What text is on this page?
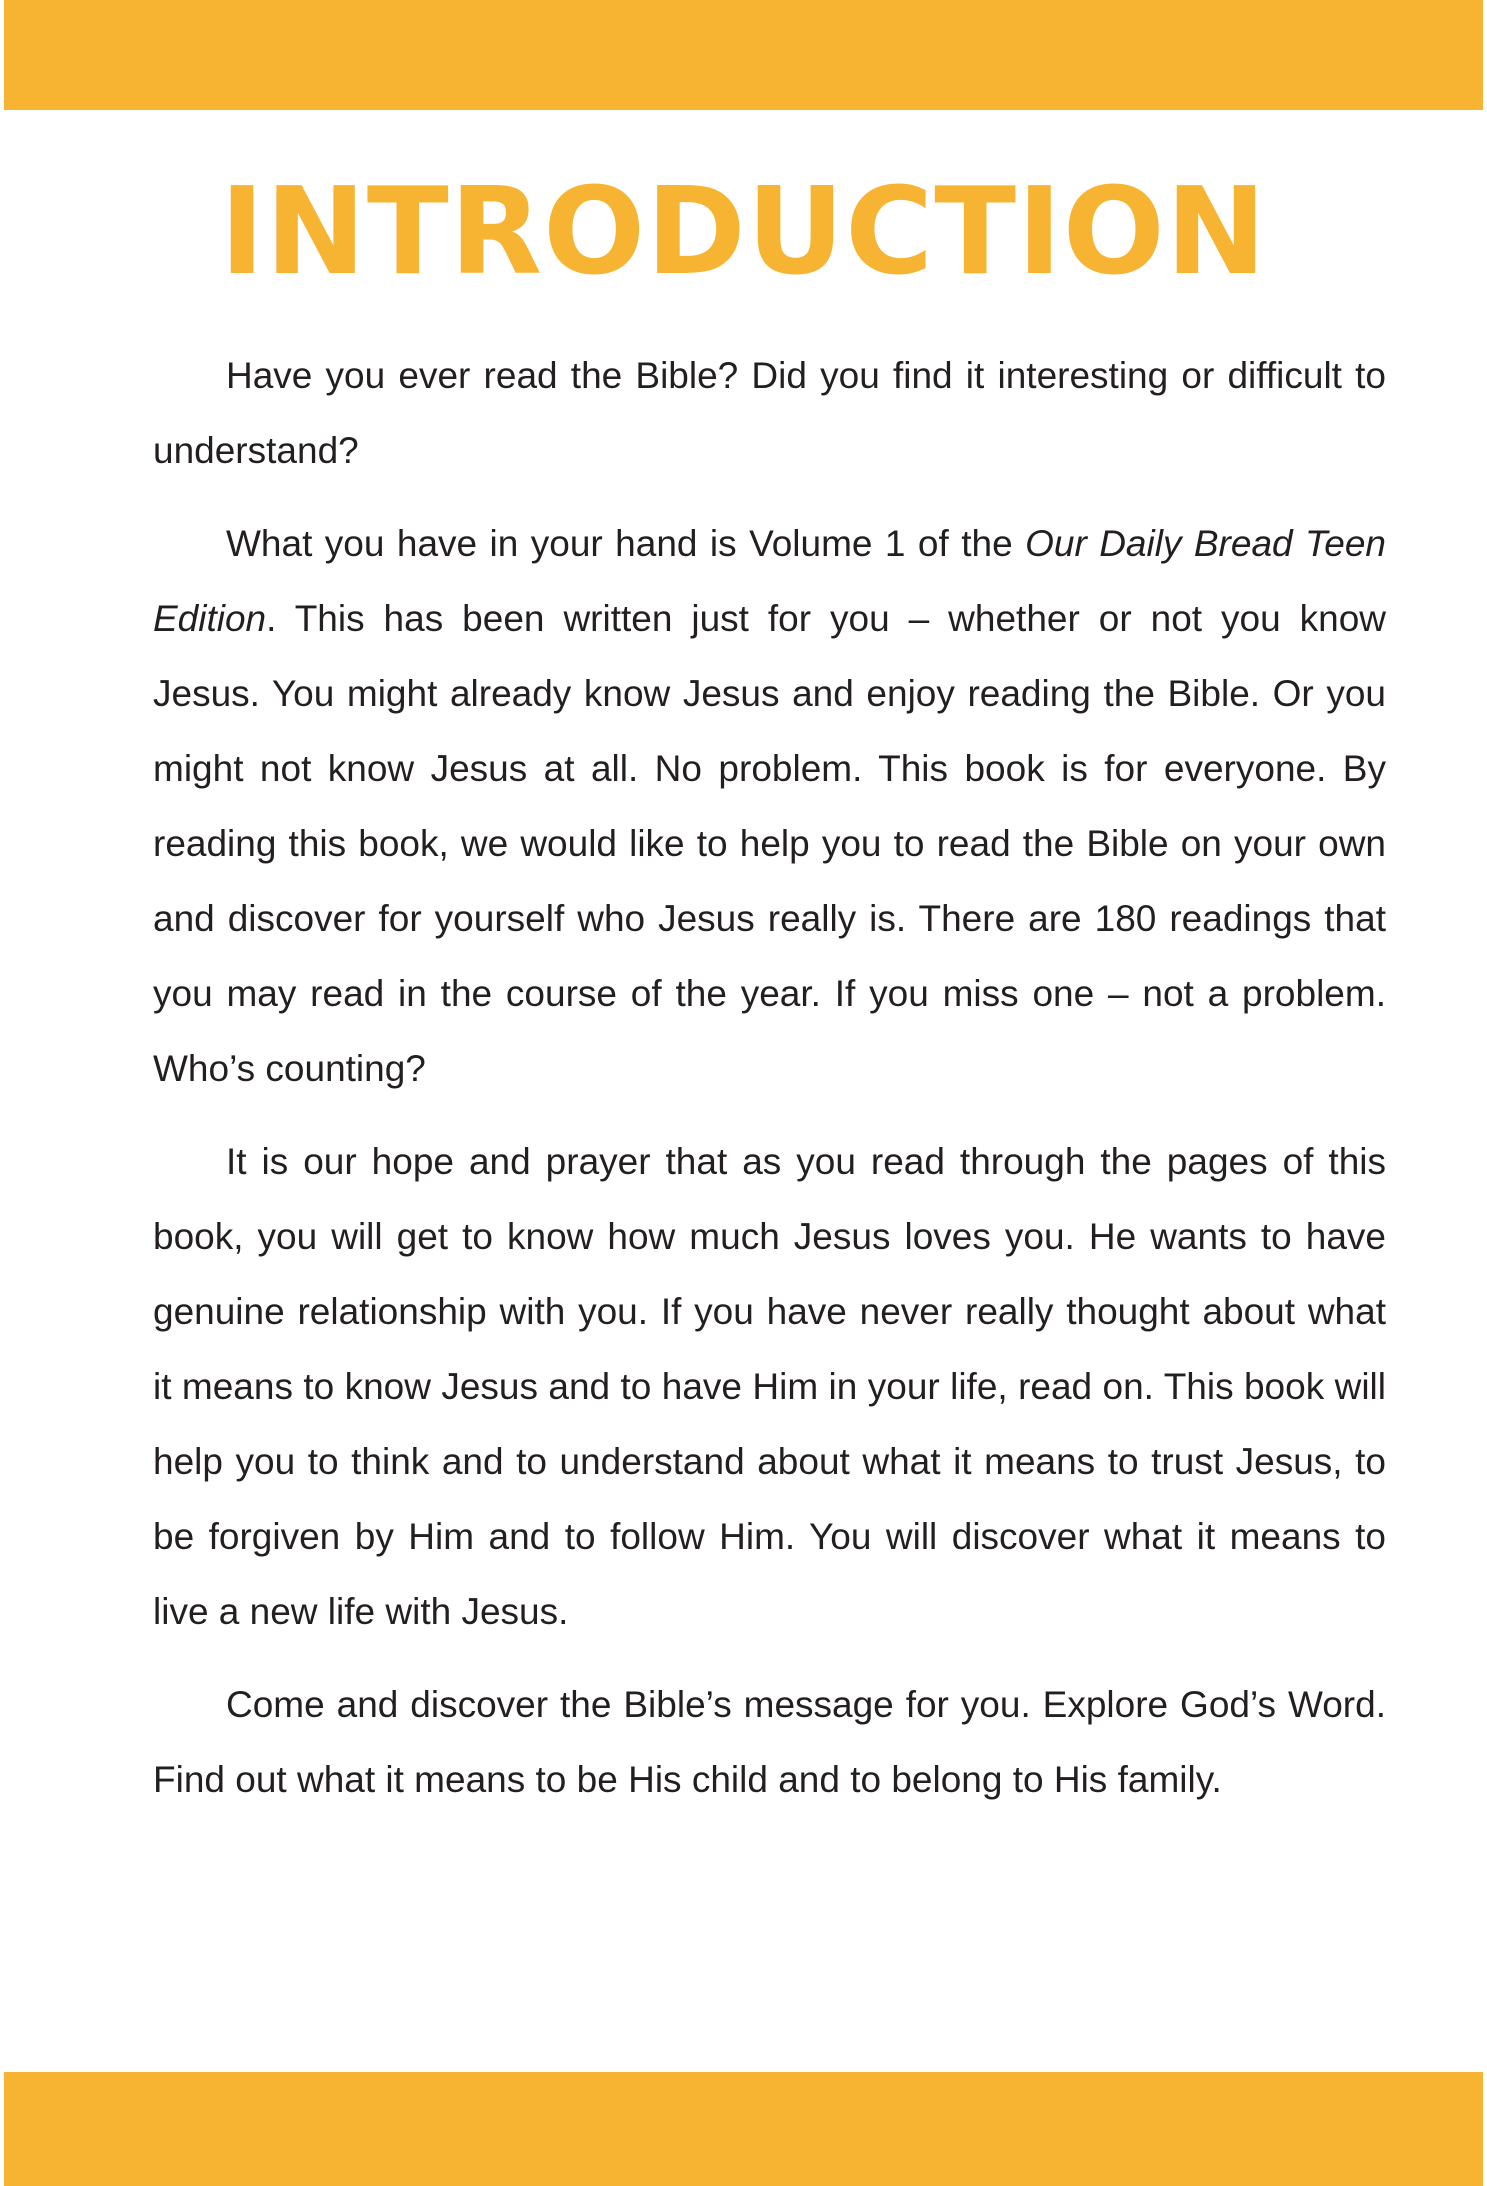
INTRODUCTION

Have you ever read the Bible? Did you find it interesting or difficult to understand?

What you have in your hand is Volume 1 of the Our Daily Bread Teen Edition. This has been written just for you – whether or not you know Jesus. You might already know Jesus and enjoy reading the Bible. Or you might not know Jesus at all. No problem. This book is for everyone. By reading this book, we would like to help you to read the Bible on your own and discover for yourself who Jesus really is. There are 180 readings that you may read in the course of the year. If you miss one – not a problem. Who’s counting?

It is our hope and prayer that as you read through the pages of this book, you will get to know how much Jesus loves you. He wants to have genuine relationship with you. If you have never really thought about what it means to know Jesus and to have Him in your life, read on. This book will help you to think and to understand about what it means to trust Jesus, to be forgiven by Him and to follow Him. You will discover what it means to live a new life with Jesus.

Come and discover the Bible’s message for you. Explore God’s Word. Find out what it means to be His child and to belong to His family.
